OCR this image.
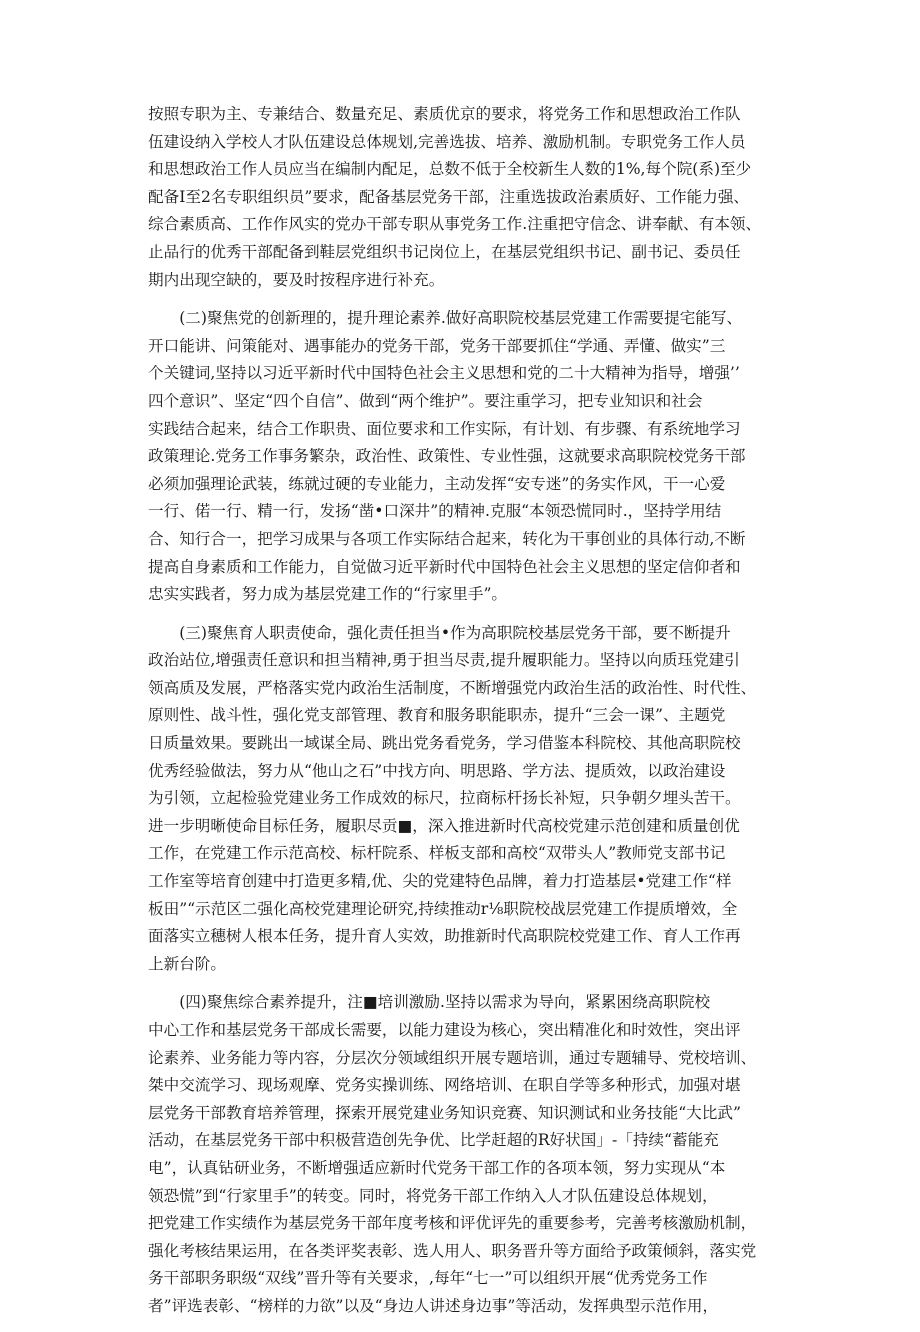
按照专职为主、专兼结合、数量充足、素质优京的要求，将党务工作和思想政治工作队
伍建设纳入学校人才队伍建设总体规划,完善选拔、培养、激励机制。专职党务工作人员
和思想政治工作人员应当在编制内配足，总数不低于全校新生人数的1%,每个院(系)至少
配备I至2名专职组织员”要求，配备基层党务干部，注重选拔政治素质好、工作能力强、
综合素质高、工作作风实的党办干部专职从事党务工作.注重把守信念、讲奉献、有本领、
止品行的优秀干部配备到鞋层党组织书记岗位上，在基层党组织书记、副书记、委员任
期内出现空缺的，要及时按程序进行补充。

(二)聚焦党的创新理的，提升理论素养.做好高职院校基层党建工作需要提宅能写、
开口能讲、问策能对、遇事能办的党务干部，党务干部要抓住“学通、弄懂、做实”三
个关键词,坚持以习近平新时代中国特色社会主义思想和党的二十大精神为指导，增强’’
四个意识”、坚定“四个自信”、做到“两个维护”。要注重学习，把专业知识和社会
实践结合起来，结合工作职贵、面位要求和工作实际，有计划、有步骤、有系统地学习
政策理论.党务工作事务繁杂，政治性、政策性、专业性强，这就要求高职院校党务干部
必须加强理论武装，练就过硬的专业能力，主动发挥“安专迷”的务实作风，干一心爱
一行、偌一行、精一行，发扬“凿•口深井”的精神.克服“本领恐慌同时.，坚持学用结
合、知行合一，把学习成果与各项工作实际结合起来，转化为干事创业的具体行动,不断
提高自身素质和工作能力，自觉做习近平新时代中国特色社会主义思想的坚定信仰者和
忠实实践者，努力成为基层党建工作的“行家里手”。

(三)聚焦育人职责使命，强化责任担当•作为高职院校基层党务干部，要不断提升
政治站位,增强责任意识和担当精神,勇于担当尽责,提升履职能力。坚持以向质珏党建引
领高质及发展，严格落实党内政治生活制度，不断增强党内政治生活的政治性、时代性、
原则性、战斗性，强化党支部管理、教育和服务职能职赤，提升“三会一课”、主题党
日质量效果。要跳出一域谋全局、跳出党务看党务，学习借鉴本科院校、其他高职院校
优秀经验做法，努力从“他山之石”中找方向、明思路、学方法、提质效，以政治建设
为引领，立起检验党建业务工作成效的标尺，拉商标杆扬长补短，只争朝夕埋头苦干。
进一步明晰使命目标任务，履职尽贡■，深入推进新时代高校党建示范创建和质量创优
工作，在党建工作示范高校、标杆院系、样板支部和高校“双带头人”教师党支部书记
工作室等培育创建中打造更多精,优、尖的党建特色品牌，着力打造基层•党建工作“样
板田”“示范区二强化高校党建理论研究,持续推动r⅛职院校战层党建工作提质增效，全
面落实立穗树人根本任务，提升育人实效，助推新时代高职院校党建工作、育人工作再
上新台阶。

(四)聚焦综合素养提升，注■培训激励.坚持以需求为导向，紧累困绕高职院校
中心工作和基层党务干部成长需要，以能力建设为核心，突出精准化和时效性，突出评
论素养、业务能力等内容，分层次分领域组织开展专题培训，通过专题辅导、党校培训、
桀中交流学习、现场观摩、党务实操训练、网络培训、在职自学等多种形式，加强对堪
层党务干部教育培养管理，探索开展党建业务知识竞赛、知识测试和业务技能“大比武”
活动，在基层党务干部中积极营造创先争优、比学赶超的R好状国」-「持续“蓄能充
电”，认真钻研业务，不断增强适应新时代党务干部工作的各项本领，努力实现从“本
领恐慌”到“行家里手”的转变。同时，将党务干部工作纳入人才队伍建设总体规划，
把党建工作实绩作为基层党务干部年度考核和评优评先的重要参考，完善考核激励机制，
强化考核结果运用，在各类评奖表彰、选人用人、职务晋升等方面给予政策倾斜，落实党
务干部职务职级“双线”晋升等有关要求，,每年“七一”可以组织开展“优秀党务工作
者”评选表彰、“榜样的力欲”以及“身边人讲述身边事”等活动，发挥典型示范作用，
